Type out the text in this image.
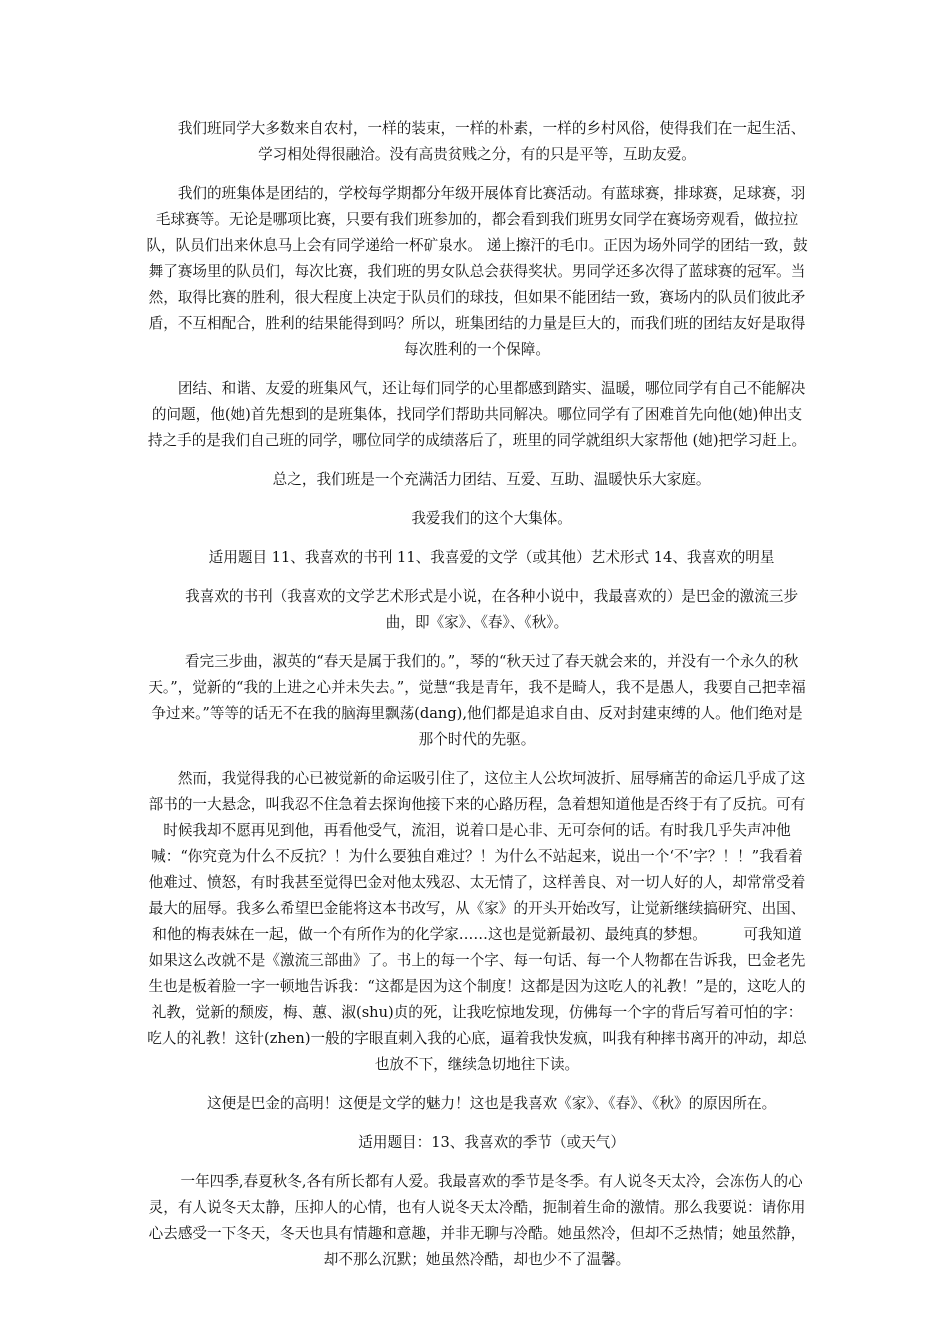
我们班同学大多数来自农村，一样的装束，一样的朴素，一样的乡村风俗，使得我们在一起生活、学习相处得很融洽。没有高贵贫贱之分，有的只是平等，互助友爱。

我们的班集体是团结的，学校每学期都分年级开展体育比赛活动。有蓝球赛，排球赛，足球赛，羽毛球赛等。无论是哪项比赛，只要有我们班参加的，都会看到我们班男女同学在赛场旁观看，做拉拉队，队员们出来休息马上会有同学递给一杯矿泉水。 递上擦汗的毛巾。正因为场外同学的团结一致，鼓舞了赛场里的队员们，每次比赛，我们班的男女队总会获得奖状。男同学还多次得了蓝球赛的冠军。当然，取得比赛的胜利，很大程度上决定于队员们的球技，但如果不能团结一致，赛场内的队员们彼此矛盾，不互相配合，胜利的结果能得到吗？所以，班集团结的力量是巨大的，而我们班的团结友好是取得每次胜利的一个保障。

团结、和谐、友爱的班集风气，还让每们同学的心里都感到踏实、温暖，哪位同学有自己不能解决的问题，他(她)首先想到的是班集体，找同学们帮助共同解决。哪位同学有了困难首先向他(她)伸出支持之手的是我们自己班的同学，哪位同学的成绩落后了，班里的同学就组织大家帮他 (她)把学习赶上。

总之，我们班是一个充满活力团结、互爱、互助、温暖快乐大家庭。

我爱我们的这个大集体。

适用题目 11、我喜欢的书刊 11、我喜爱的文学（或其他）艺术形式 14、我喜欢的明星

我喜欢的书刊（我喜欢的文学艺术形式是小说，在各种小说中，我最喜欢的）是巴金的激流三步曲，即《家》、《春》、《秋》。

看完三步曲，淑英的“春天是属于我们的。”，琴的“秋天过了春天就会来的，并没有一个永久的秋天。”，觉新的“我的上进之心并未失去。”，觉慧“我是青年，我不是畸人，我不是愚人，我要自己把幸福争过来。”等等的话无不在我的脑海里飘荡(dang),他们都是追求自由、反对封建束缚的人。他们绝对是那个时代的先驱。

然而，我觉得我的心已被觉新的命运吸引住了，这位主人公坎坷波折、屈辱痛苦的命运几乎成了这部书的一大悬念，叫我忍不住急着去探询他接下来的心路历程，急着想知道他是否终于有了反抗。可有时候我却不愿再见到他，再看他受气，流泪，说着口是心非、无可奈何的话。有时我几乎失声冲他喊：“你究竟为什么不反抗？！为什么要独自难过？！为什么不站起来，说出一个‘不’字？！！”我看着他难过、愤怒，有时我甚至觉得巴金对他太残忍、太无情了，这样善良、对一切人好的人，却常常受着最大的屈辱。我多么希望巴金能将这本书改写，从《家》的开头开始改写，让觉新继续搞研究、出国、和他的梅表妹在一起，做一个有所作为的化学家……这也是觉新最初、最纯真的梦想。　　　可我知道如果这么改就不是《激流三部曲》了。书上的每一个字、每一句话、每一个人物都在告诉我，巴金老先生也是板着脸一字一顿地告诉我：“这都是因为这个制度！这都是因为这吃人的礼教！”是的，这吃人的礼教，觉新的颓废，梅、蕙、淑(shu)贞的死，让我吃惊地发现，仿佛每一个字的背后写着可怕的字：吃人的礼教！这针(zhen)一般的字眼直刺入我的心底，逼着我快发疯，叫我有种摔书离开的冲动，却总也放不下，继续急切地往下读。

这便是巴金的高明！这便是文学的魅力！这也是我喜欢《家》、《春》、《秋》的原因所在。

适用题目：13、我喜欢的季节（或天气）

一年四季,春夏秋冬,各有所长都有人爱。我最喜欢的季节是冬季。有人说冬天太冷，会冻伤人的心灵，有人说冬天太静，压抑人的心情，也有人说冬天太冷酷，扼制着生命的激情。那么我要说：请你用心去感受一下冬天，冬天也具有情趣和意趣，并非无聊与冷酷。她虽然冷，但却不乏热情；她虽然静，却不那么沉默；她虽然冷酷，却也少不了温馨。
